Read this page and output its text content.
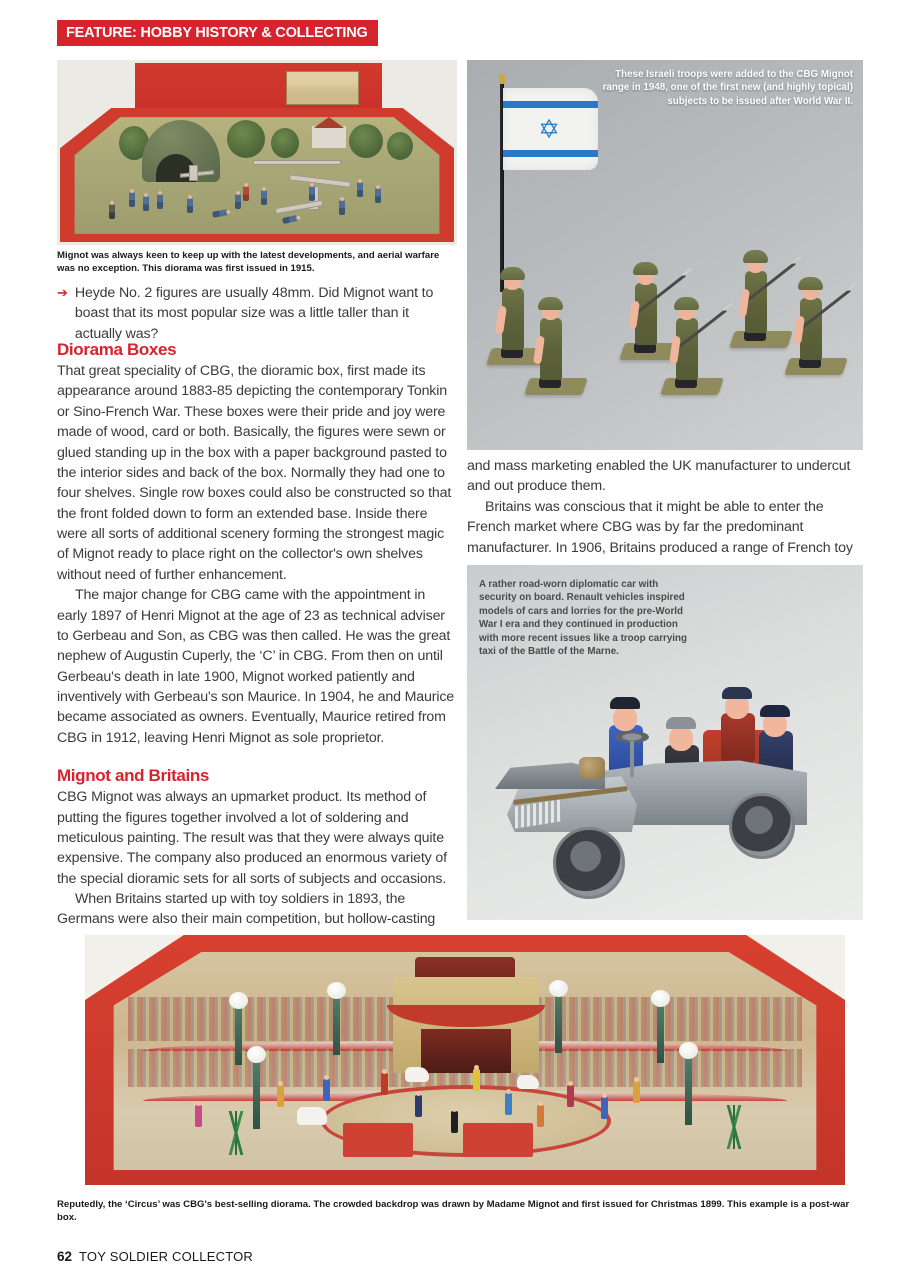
FEATURE: HOBBY HISTORY & COLLECTING
Mignot was always keen to keep up with the latest developments, and aerial warfare was no exception. This diorama was first issued in 1915.
➔ Heyde No. 2 figures are usually 48mm. Did Mignot want to boast that its most popular size was a little taller than it actually was?
Diorama Boxes

That great speciality of CBG, the dioramic box, first made its appearance around 1883-85 depicting the contemporary Tonkin or Sino-French War. These boxes were their pride and joy were made of wood, card or both. Basically, the figures were sewn or glued standing up in the box with a paper background pasted to the interior sides and back of the box. Normally they had one to four shelves. Single row boxes could also be constructed so that the front folded down to form an extended base. Inside there were all sorts of additional scenery forming the strongest magic of Mignot ready to place right on the collector's own shelves without need of further enhancement.

The major change for CBG came with the appointment in early 1897 of Henri Mignot at the age of 23 as technical adviser to Gerbeau and Son, as CBG was then called. He was the great nephew of Augustin Cuperly, the ‘C’ in CBG. From then on until Gerbeau's death in late 1900, Mignot worked patiently and inventively with Gerbeau's son Maurice. In 1904, he and Maurice became associated as owners. Eventually, Maurice retired from CBG in 1912, leaving Henri Mignot as sole proprietor.

Mignot and Britains

CBG Mignot was always an upmarket product. Its method of putting the figures together involved a lot of soldering and meticulous painting. The result was that they were always quite expensive. The company also produced an enormous variety of the special dioramic sets for all sorts of subjects and occasions.

When Britains started up with toy soldiers in 1893, the Germans were also their main competition, but hollow-casting

✡
These Israeli troops were added to the CBG Mignot range in 1948, one of the first new (and highly topical) subjects to be issued after World War II.

and mass marketing enabled the UK manufacturer to undercut and out produce them.

Britains was conscious that it might be able to enter the French market where CBG was by far the predominant manufacturer. In 1906, Britains produced a range of French toy

A rather road-worn diplomatic car with security on board. Renault vehicles inspired models of cars and lorries for the pre-World War I era and they continued in production with more recent issues like a troop carrying taxi of the Battle of the Marne.
Reputedly, the ‘Circus’ was CBG's best-selling diorama. The crowded backdrop was drawn by Madame Mignot and first issued for Christmas 1899. This example is a post-war box.
62 TOY SOLDIER COLLECTOR
